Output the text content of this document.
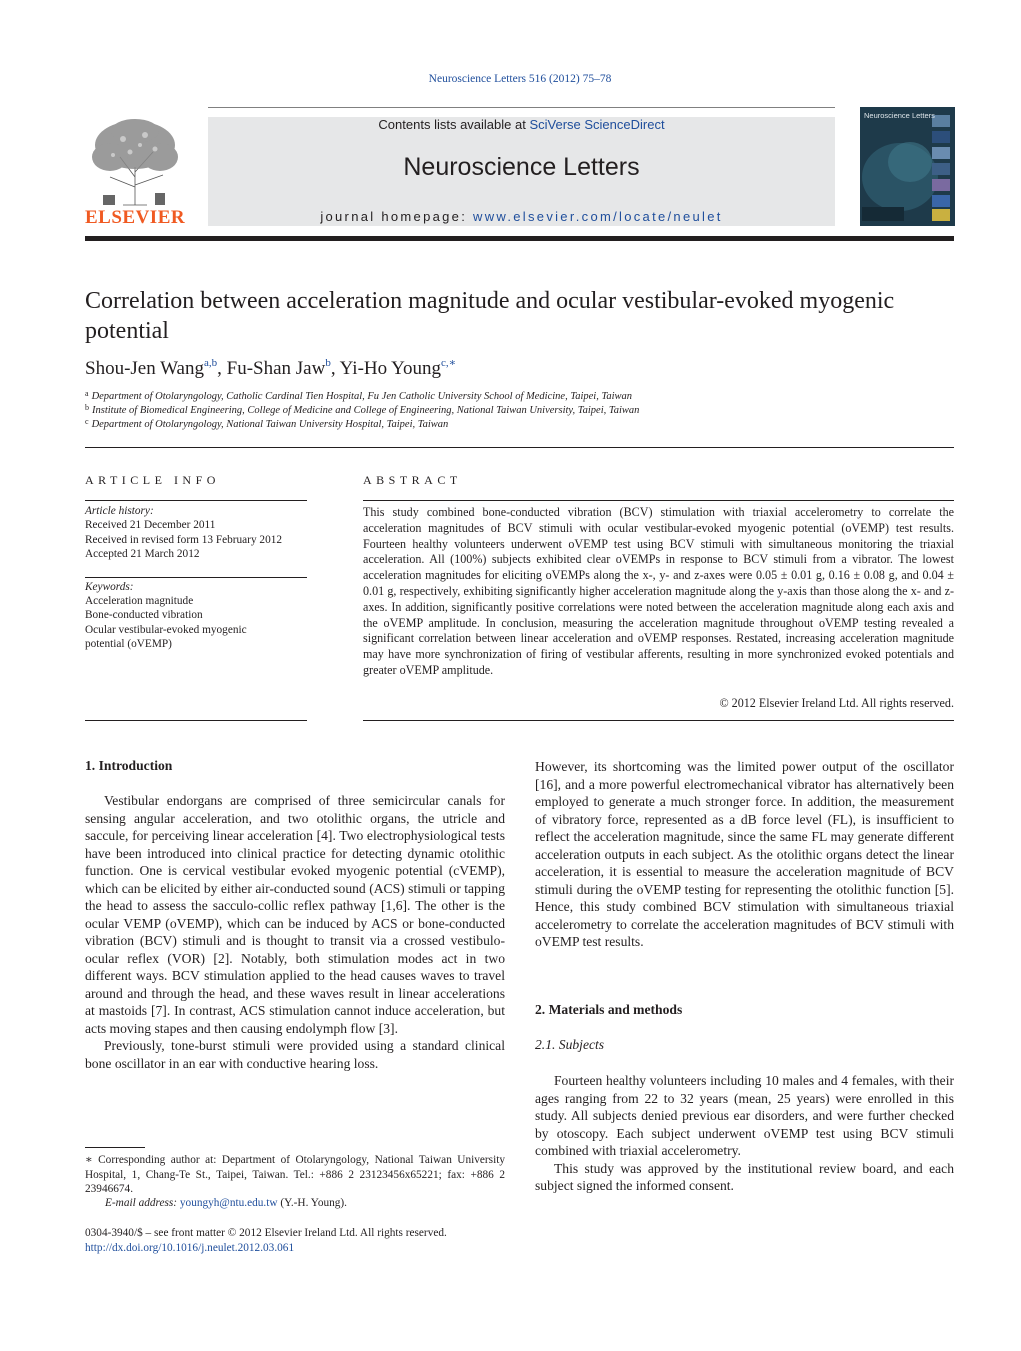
Neuroscience Letters 516 (2012) 75–78
ELSEVIER
Contents lists available at SciVerse ScienceDirect
Neuroscience Letters
journal homepage: www.elsevier.com/locate/neulet
Neuroscience Letters
Correlation between acceleration magnitude and ocular vestibular-evoked myogenic potential
Shou-Jen Wang$^{a,b}$, Fu-Shan Jaw$^b$, Yi-Ho Young$^{c,∗}$
$^a$ Department of Otolaryngology, Catholic Cardinal Tien Hospital, Fu Jen Catholic University School of Medicine, Taipei, Taiwan
$^b$ Institute of Biomedical Engineering, College of Medicine and College of Engineering, National Taiwan University, Taipei, Taiwan
$^c$ Department of Otolaryngology, National Taiwan University Hospital, Taipei, Taiwan
ARTICLE INFO
Article history:
Received 21 December 2011
Received in revised form 13 February 2012
Accepted 21 March 2012
Keywords:
Acceleration magnitude
Bone-conducted vibration
Ocular vestibular-evoked myogenic
potential (oVEMP)
ABSTRACT
This study combined bone-conducted vibration (BCV) stimulation with triaxial accelerometry to correlate the acceleration magnitudes of BCV stimuli with ocular vestibular-evoked myogenic potential (oVEMP) test results. Fourteen healthy volunteers underwent oVEMP test using BCV stimuli with simultaneous monitoring the triaxial acceleration. All (100%) subjects exhibited clear oVEMPs in response to BCV stimuli from a vibrator. The lowest acceleration magnitudes for eliciting oVEMPs along the x-, y- and z-axes were 0.05 ± 0.01 g, 0.16 ± 0.08 g, and 0.04 ± 0.01 g, respectively, exhibiting significantly higher acceleration magnitude along the y-axis than those along the x- and z-axes. In addition, significantly positive correlations were noted between the acceleration magnitude along each axis and the oVEMP amplitude. In conclusion, measuring the acceleration magnitude throughout oVEMP testing revealed a significant correlation between linear acceleration and oVEMP responses. Restated, increasing acceleration magnitude may have more synchronization of firing of vestibular afferents, resulting in more synchronized evoked potentials and greater oVEMP amplitude.
© 2012 Elsevier Ireland Ltd. All rights reserved.
1. Introduction

Vestibular endorgans are comprised of three semicircular canals for sensing angular acceleration, and two otolithic organs, the utricle and saccule, for perceiving linear acceleration [4]. Two electrophysiological tests have been introduced into clinical practice for detecting dynamic otolithic function. One is cervical vestibular evoked myogenic potential (cVEMP), which can be elicited by either air-conducted sound (ACS) stimuli or tapping the head to assess the sacculo-collic reflex pathway [1,6]. The other is the ocular VEMP (oVEMP), which can be induced by ACS or bone-conducted vibration (BCV) stimuli and is thought to transit via a crossed vestibulo-ocular reflex (VOR) [2]. Notably, both stimulation modes act in two different ways. BCV stimulation applied to the head causes waves to travel around and through the head, and these waves result in linear accelerations at mastoids [7]. In contrast, ACS stimulation cannot induce acceleration, but acts moving stapes and then causing endolymph flow [3].

Previously, tone-burst stimuli were provided using a standard clinical bone oscillator in an ear with conductive hearing loss.

∗ Corresponding author at: Department of Otolaryngology, National Taiwan University Hospital, 1, Chang-Te St., Taipei, Taiwan. Tel.: +886 2 23123456x65221; fax: +886 2 23946674.
E-mail address: youngyh@ntu.edu.tw (Y.-H. Young).
0304-3940/$ – see front matter © 2012 Elsevier Ireland Ltd. All rights reserved.
http://dx.doi.org/10.1016/j.neulet.2012.03.061

However, its shortcoming was the limited power output of the oscillator [16], and a more powerful electromechanical vibrator has alternatively been employed to generate a much stronger force. In addition, the measurement of vibratory force, represented as a dB force level (FL), is insufficient to reflect the acceleration magnitude, since the same FL may generate different acceleration outputs in each subject. As the otolithic organs detect the linear acceleration, it is essential to measure the acceleration magnitude of BCV stimuli during the oVEMP testing for representing the otolithic function [5]. Hence, this study combined BCV stimulation with simultaneous triaxial accelerometry to correlate the acceleration magnitudes of BCV stimuli with oVEMP test results.

2. Materials and methods
2.1. Subjects

Fourteen healthy volunteers including 10 males and 4 females, with their ages ranging from 22 to 32 years (mean, 25 years) were enrolled in this study. All subjects denied previous ear disorders, and were further checked by otoscopy. Each subject underwent oVEMP test using BCV stimuli combined with triaxial accelerometry.

This study was approved by the institutional review board, and each subject signed the informed consent.
